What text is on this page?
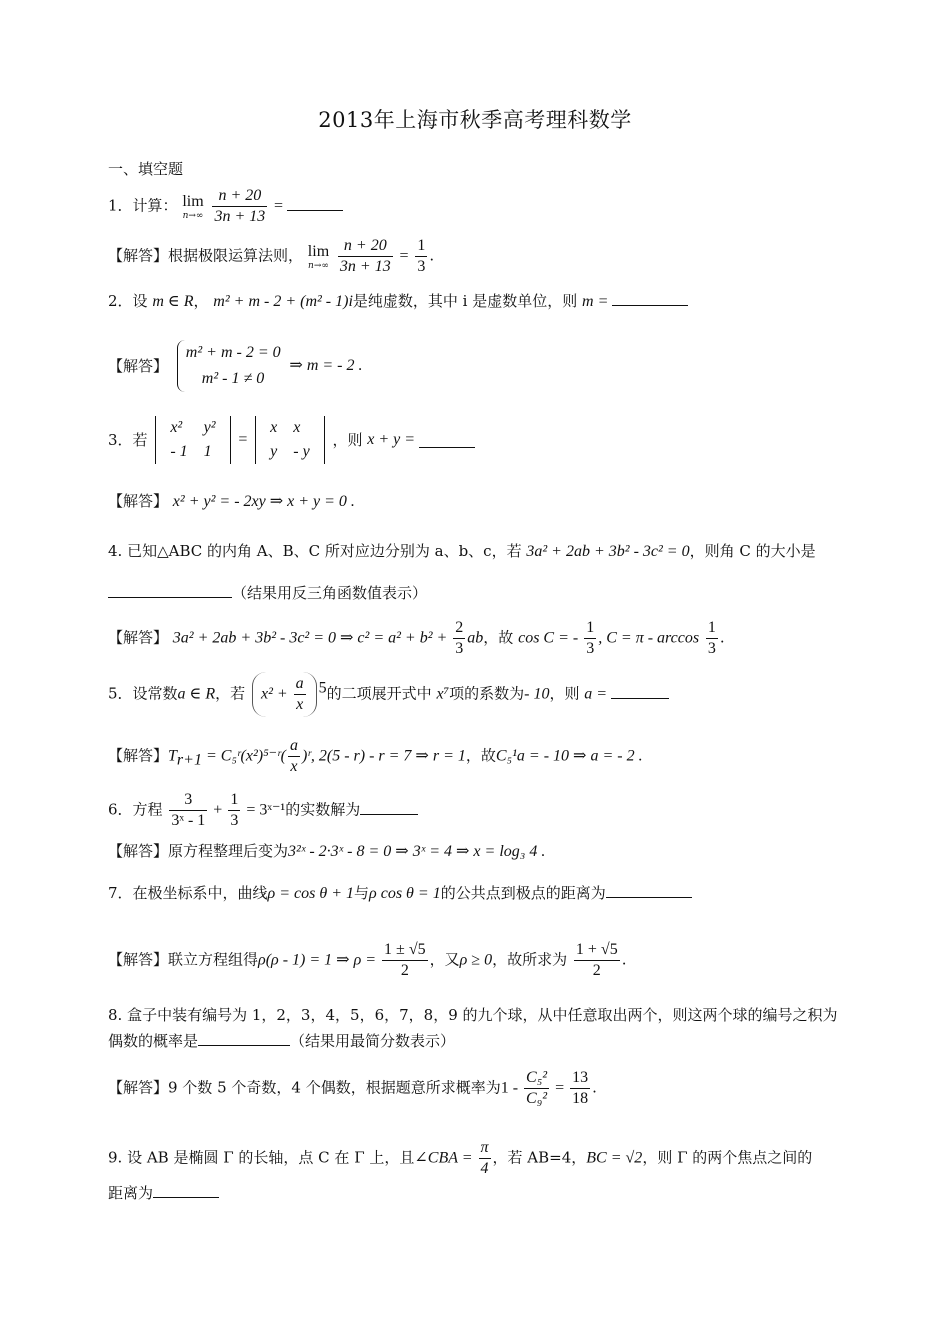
2013年上海市秋季高考理科数学
一、填空题
1．计算： lim
n→∞
$\frac{n + 20}{3n + 13}$ =
【解答】根据极限运算法则， lim
n→∞
$\frac{n + 20}{3n + 13} = \frac{1}{3}$ .
2．设 m ∈ R， m² + m - 2 + (m² - 1)i是纯虚数，其中 i 是虚数单位，则 m =
【解答】
m² + m - 2 = 0
m² - 1 ≠ 0
⇒ m = - 2 .
3．若
x²	y²
- 1	1
=
x	x
y	- y
，则 x + y =
【解答】 x² + y² = - 2xy ⇒ x + y = 0 .
4. 已知△ABC 的内角 A、B、C 所对应边分别为 a、b、c，若 3a² + 2ab + 3b² - 3c² = 0，则角 C 的大小是
（结果用反三角函数值表示）
【解答】 3a² + 2ab + 3b² - 3c² = 0 ⇒ $c^2 = a^2 + b^2 + \frac{2}{3}$ ab，故 cos C = - $\frac{1}{3}$ , $C = \pi - \arccos \frac{1}{3}$ .
5．设常数a ∈ R，若 $x^2 + \frac{a}{x} ^5$的二项展开式中 x⁷项的系数为- 10，则 a =
【解答】$T_{r+1}$ = C₅ʳ(x²)⁵⁻ʳ( $\frac{a}{x}$ )ʳ, 2(5 - r) - r = 7 ⇒ r = 1，故C₅¹a = - 10 ⇒ a = - 2 .
6．方程 $\frac{3}{\text{3ˣ - 1}} + \frac{1}{3}$ = 3ˣ⁻¹的实数解为
【解答】原方程整理后变为3²ˣ - 2·3ˣ - 8 = 0 ⇒ 3ˣ = 4 ⇒ x = log₃ 4 .
7．在极坐标系中，曲线ρ = cos θ + 1与ρ cos θ = 1的公共点到极点的距离为
【解答】联立方程组得ρ(ρ - 1) = 1 ⇒ $\rho = \frac{1 \pm √5}{2}$ ，又ρ ≥ 0，故所求为 $\frac{1 + √5}{2}$ .
8. 盒子中装有编号为 1，2，3，4，5，6，7，8，9 的九个球，从中任意取出两个，则这两个球的编号之积为偶数的概率是	（结果用最简分数表示）
【解答】9 个数 5 个奇数，4 个偶数，根据题意所求概率为$1 - \frac{\text{C₅²}}{\text{C₉²}} = \frac{13}{18}$ .
9. 设 AB 是椭圆 Γ 的长轴，点 C 在 Γ 上，且∠CBA = $\frac{\pi}{4}$ ，若 AB=4，BC = √2，则 Γ 的两个焦点之间的
距离为
